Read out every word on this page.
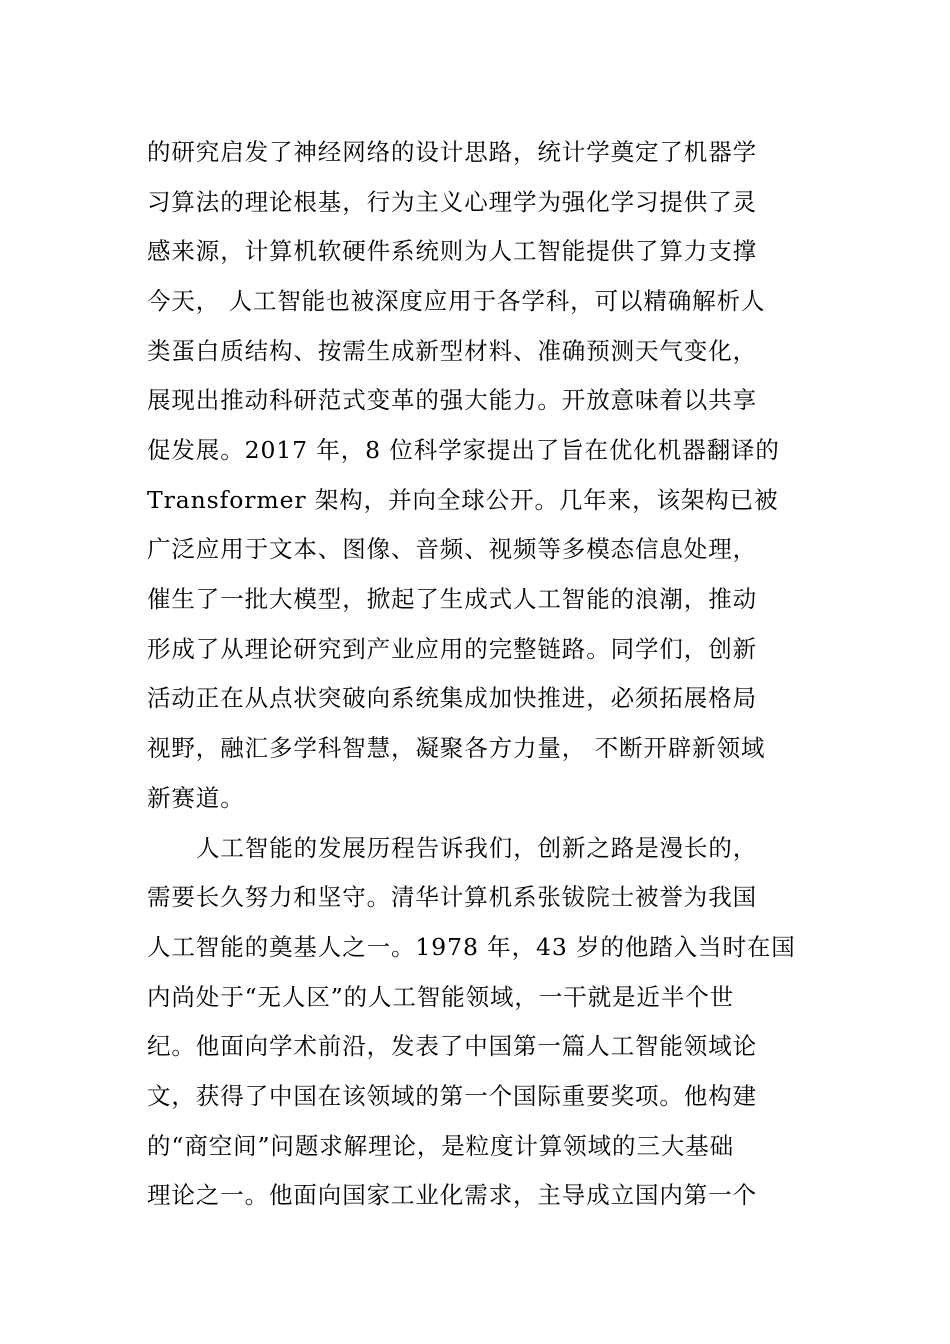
的研究启发了神经网络的设计思路，统计学奠定了机器学
习算法的理论根基，行为主义心理学为强化学习提供了灵
感来源，计算机软硬件系统则为人工智能提供了算力支撑
今天， 人工智能也被深度应用于各学科，可以精确解析人
类蛋白质结构、按需生成新型材料、准确预测天气变化，
展现出推动科研范式变革的强大能力。开放意味着以共享
促发展。2017 年，8 位科学家提出了旨在优化机器翻译的
Transformer 架构，并向全球公开。几年来，该架构已被
广泛应用于文本、图像、音频、视频等多模态信息处理，
催生了一批大模型，掀起了生成式人工智能的浪潮，推动
形成了从理论研究到产业应用的完整链路。同学们，创新
活动正在从点状突破向系统集成加快推进，必须拓展格局
视野，融汇多学科智慧，凝聚各方力量， 不断开辟新领域
新赛道。
人工智能的发展历程告诉我们，创新之路是漫长的，
需要长久努力和坚守。清华计算机系张钹院士被誉为我国
人工智能的奠基人之一。1978 年，43 岁的他踏入当时在国
内尚处于“无人区”的人工智能领域，一干就是近半个世
纪。他面向学术前沿，发表了中国第一篇人工智能领域论
文，获得了中国在该领域的第一个国际重要奖项。他构建
的“商空间”问题求解理论，是粒度计算领域的三大基础
理论之一。他面向国家工业化需求，主导成立国内第一个
